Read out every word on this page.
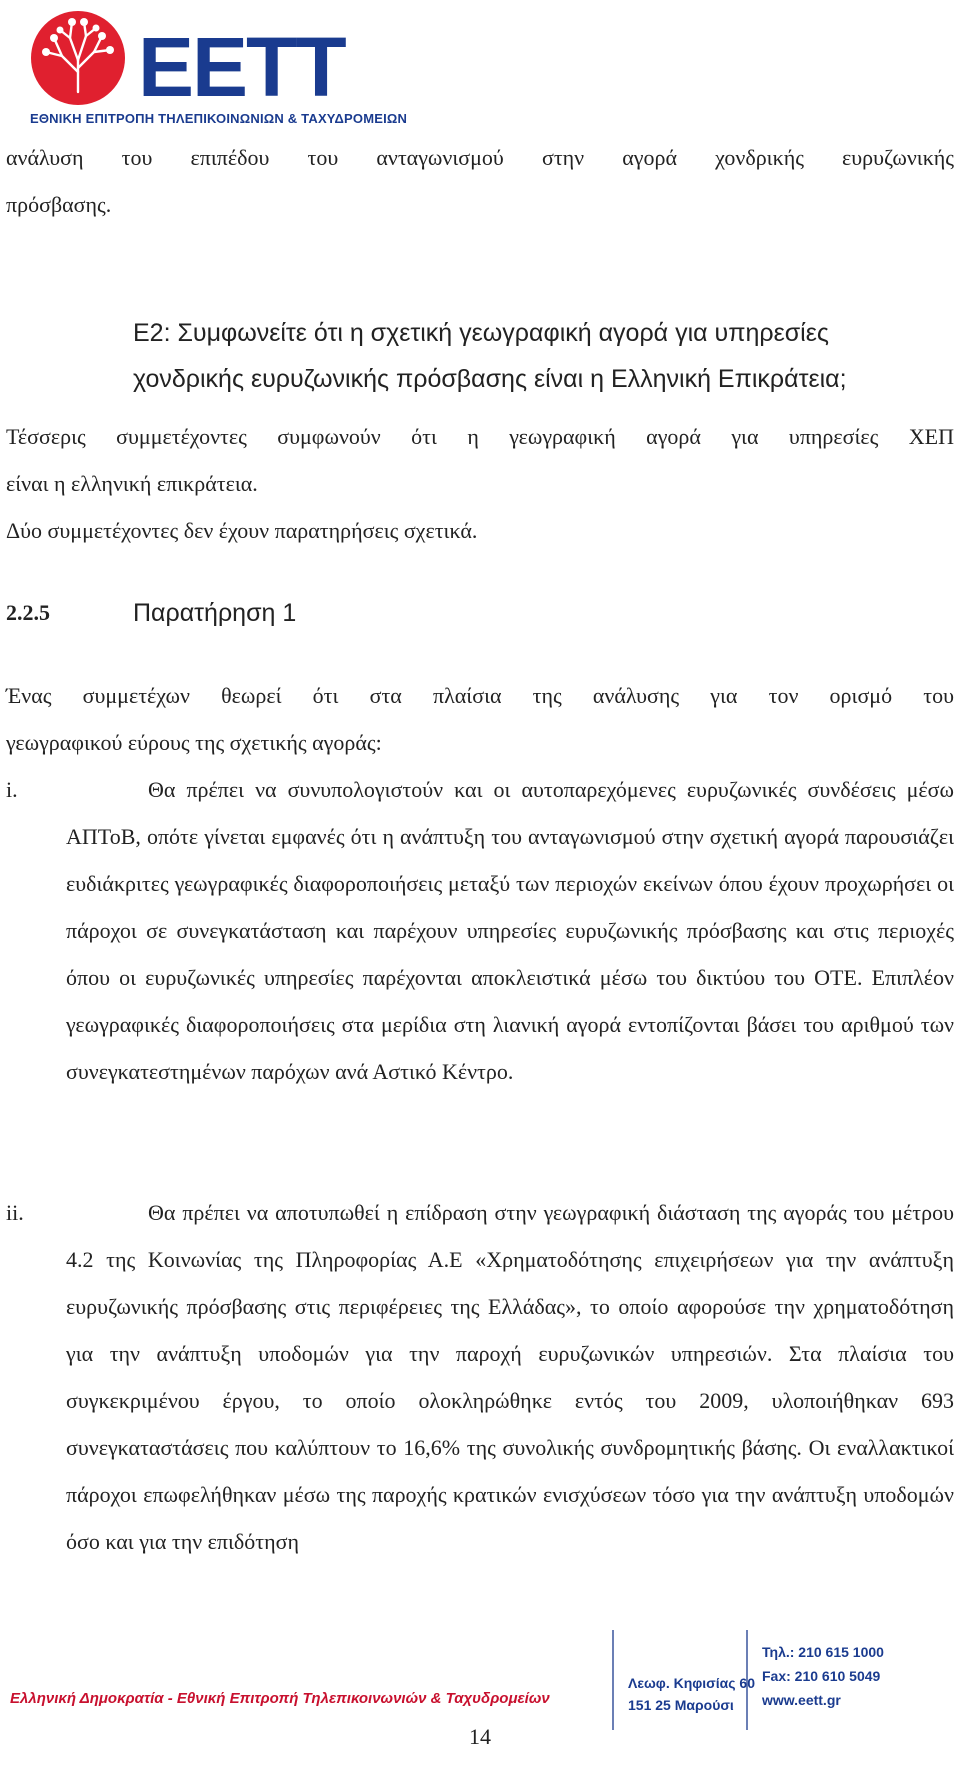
EETT
ΕΘΝΙΚΗ ΕΠΙΤΡΟΠΗ ΤΗΛΕΠΙΚΟΙΝΩΝΙΩΝ & ΤΑΧΥΔΡΟΜΕΙΩΝ
ανάλυση του επιπέδου του ανταγωνισμού στην αγορά χονδρικής ευρυζωνικής
πρόσβασης.
Ε2: Συμφωνείτε ότι η σχετική γεωγραφική αγορά για υπηρεσίες
χονδρικής ευρυζωνικής πρόσβασης είναι η Ελληνική Επικράτεια;
Τέσσερις συμμετέχοντες συμφωνούν ότι η γεωγραφική αγορά για υπηρεσίες ΧΕΠ
είναι η ελληνική επικράτεια.
Δύο συμμετέχοντες δεν έχουν παρατηρήσεις σχετικά.
2.2.5	Παρατήρηση 1
Ένας συμμετέχων θεωρεί ότι στα πλαίσια της ανάλυσης για τον ορισμό του
γεωγραφικού εύρους της σχετικής αγοράς:
i.	Θα πρέπει να συνυπολογιστούν και οι αυτοπαρεχόμενες ευρυζωνικές συνδέσεις μέσω ΑΠΤοΒ, οπότε γίνεται εμφανές ότι η ανάπτυξη του ανταγωνισμού στην σχετική αγορά παρουσιάζει ευδιάκριτες γεωγραφικές διαφοροποιήσεις μεταξύ των περιοχών εκείνων όπου έχουν προχωρήσει οι πάροχοι σε συνεγκατάσταση και παρέχουν υπηρεσίες ευρυζωνικής πρόσβασης και στις περιοχές όπου οι ευρυζωνικές υπηρεσίες παρέχονται αποκλειστικά μέσω του δικτύου του ΟΤΕ. Επιπλέον γεωγραφικές διαφοροποιήσεις στα μερίδια στη λιανική αγορά εντοπίζονται βάσει του αριθμού των συνεγκατεστημένων παρόχων ανά Αστικό Κέντρο.
ii.	Θα πρέπει να αποτυπωθεί η επίδραση στην γεωγραφική διάσταση της αγοράς του μέτρου 4.2 της Κοινωνίας της Πληροφορίας Α.Ε «Χρηματοδότησης επιχειρήσεων για την ανάπτυξη ευρυζωνικής πρόσβασης στις περιφέρειες της Ελλάδας», το οποίο αφορούσε την χρηματοδότηση για την ανάπτυξη υποδομών για την παροχή ευρυζωνικών υπηρεσιών. Στα πλαίσια του συγκεκριμένου έργου, το οποίο ολοκληρώθηκε εντός του 2009, υλοποιήθηκαν 693 συνεγκαταστάσεις που καλύπτουν το 16,6% της συνολικής συνδρομητικής βάσης. Οι εναλλακτικοί πάροχοι επωφελήθηκαν μέσω της παροχής κρατικών ενισχύσεων τόσο για την ανάπτυξη υποδομών όσο και για την επιδότηση
Ελληνική Δημοκρατία - Εθνική Επιτροπή Τηλεπικοινωνιών & Ταχυδρομείων
Λεωφ. Κηφισίας 60
151 25 Μαρούσι
Τηλ.: 210 615 1000
Fax: 210 610 5049
www.eett.gr
14
